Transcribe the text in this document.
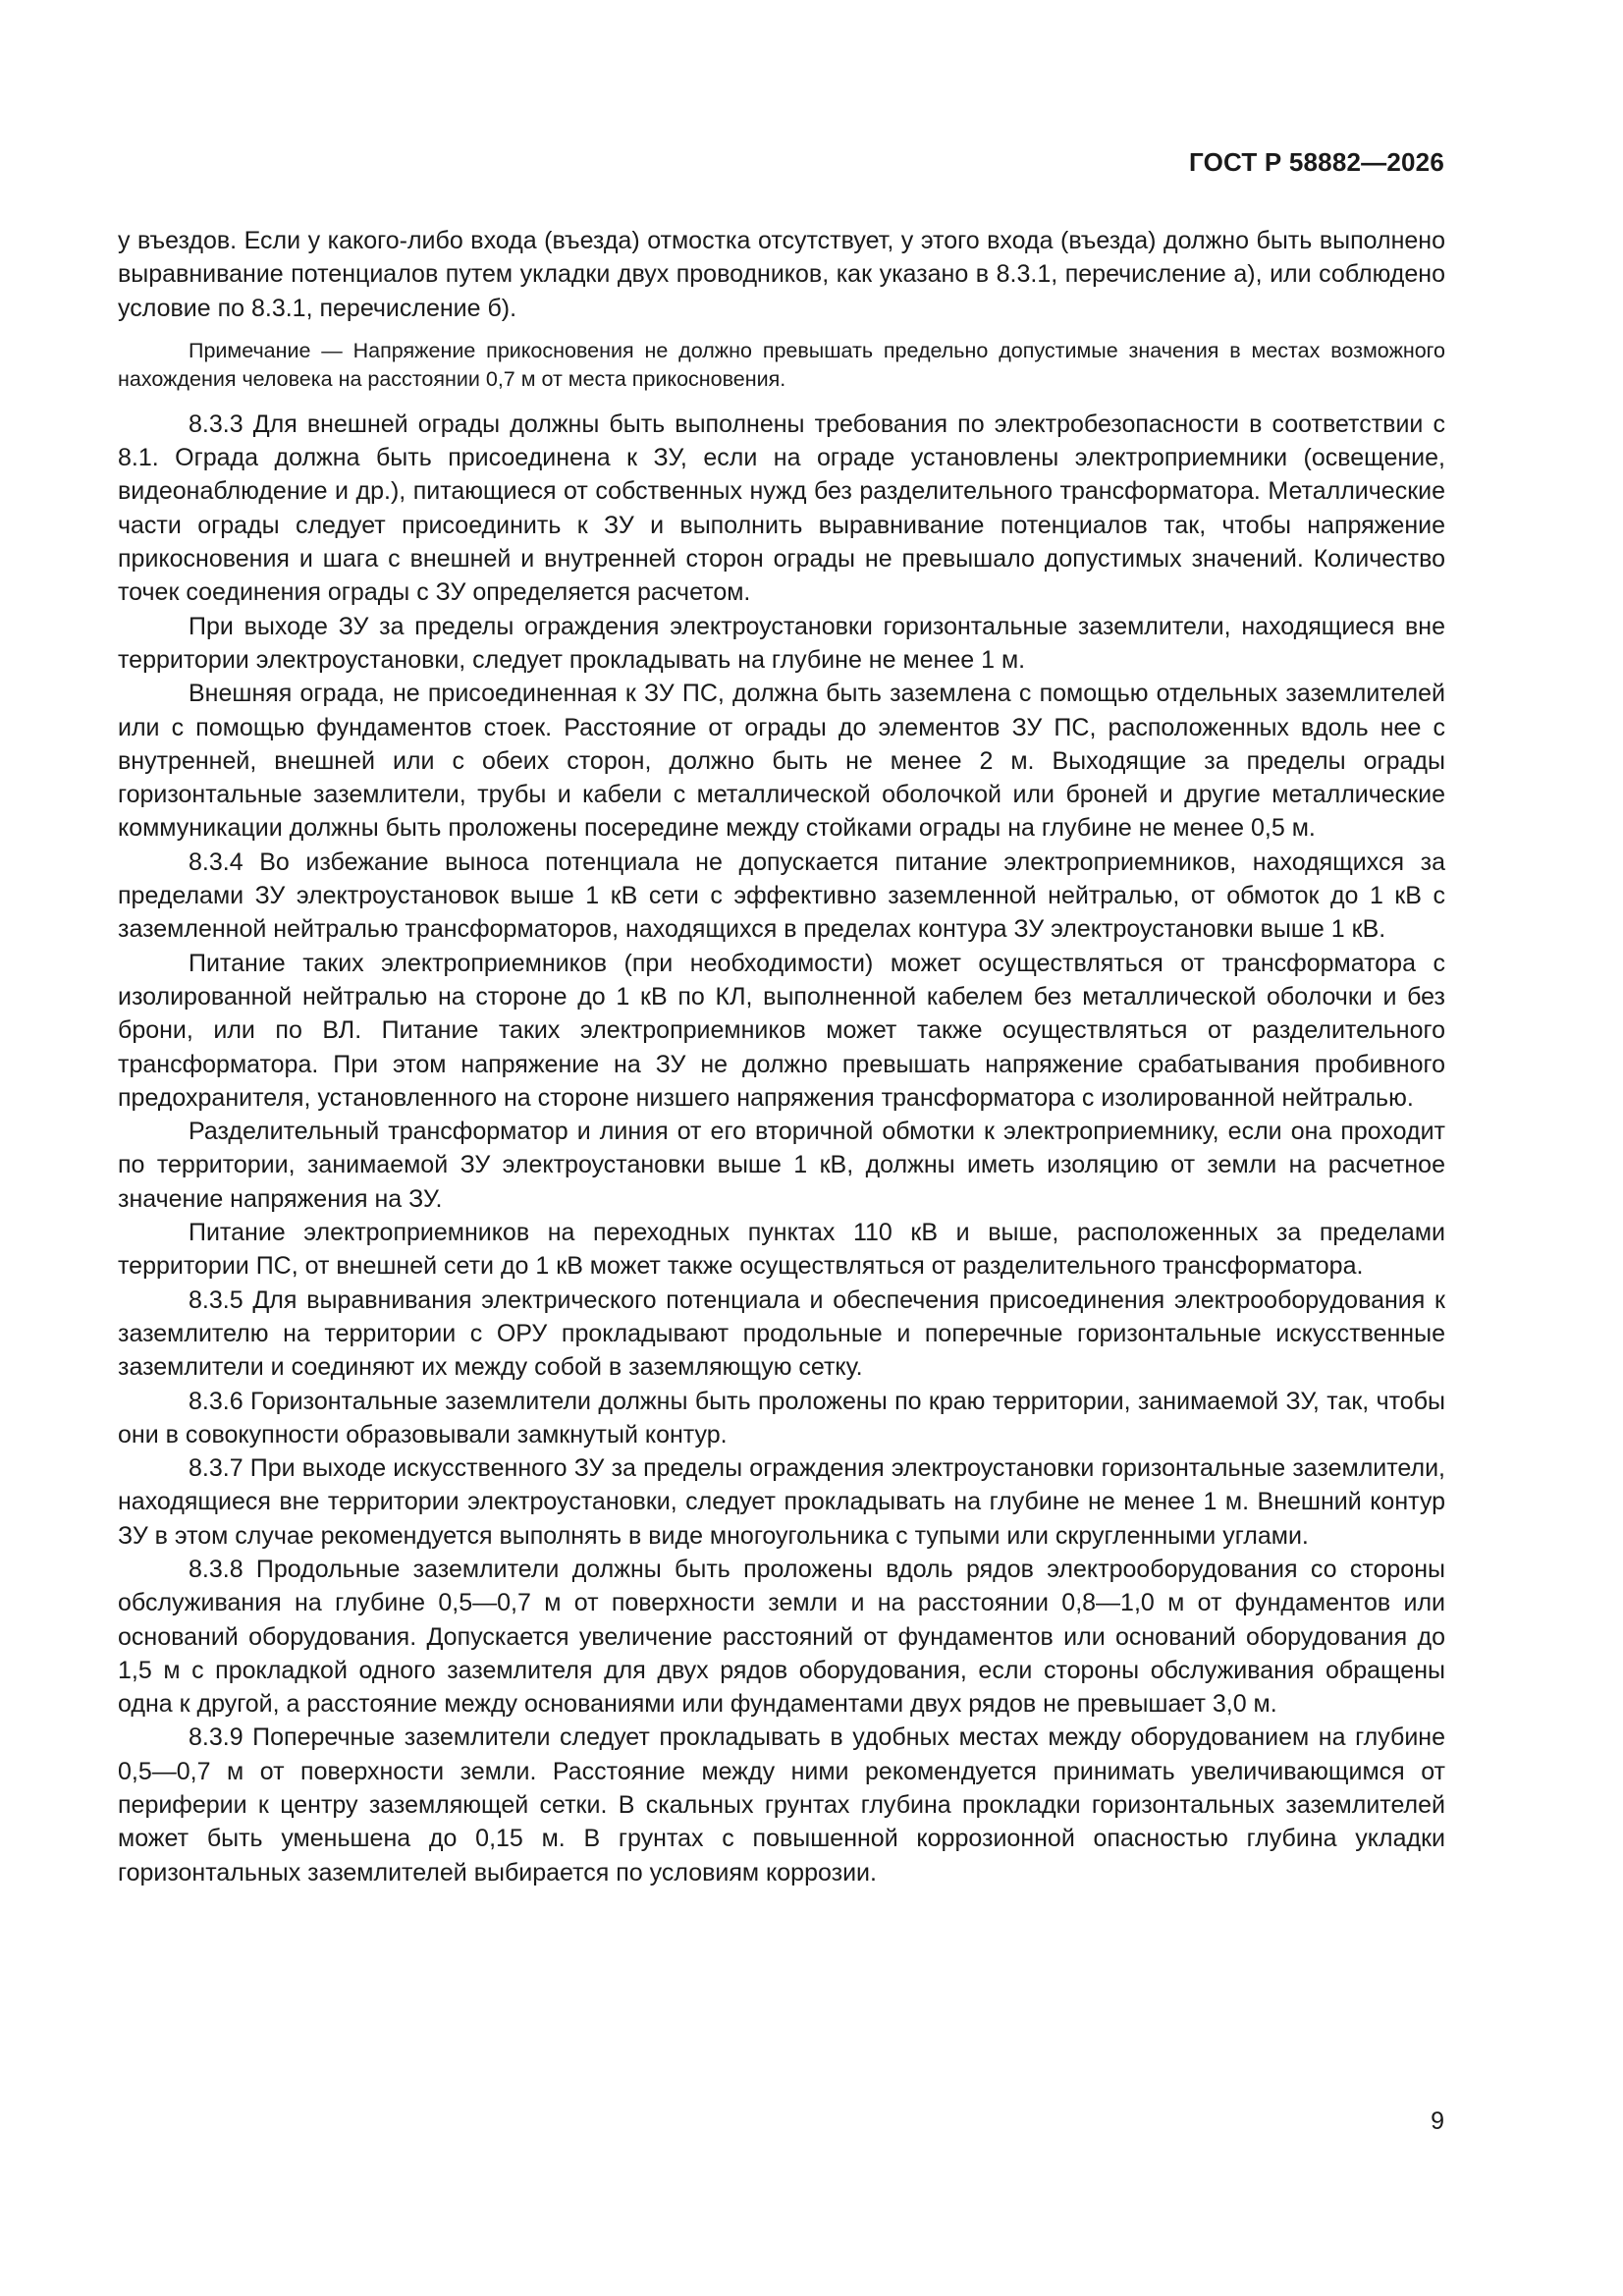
ГОСТ Р 58882—2026

у въездов. Если у какого-либо входа (въезда) отмостка отсутствует, у этого входа (въезда) должно быть выполнено выравнивание потенциалов путем укладки двух проводников, как указано в 8.3.1, перечисление а), или соблюдено условие по 8.3.1, перечисление б).

Примечание — Напряжение прикосновения не должно превышать предельно допустимые значения в местах возможного нахождения человека на расстоянии 0,7 м от места прикосновения.

8.3.3 Для внешней ограды должны быть выполнены требования по электробезопасности в соответствии с 8.1. Ограда должна быть присоединена к ЗУ, если на ограде установлены электроприемники (освещение, видеонаблюдение и др.), питающиеся от собственных нужд без разделительного трансформатора. Металлические части ограды следует присоединить к ЗУ и выполнить выравнивание потенциалов так, чтобы напряжение прикосновения и шага с внешней и внутренней сторон ограды не превышало допустимых значений. Количество точек соединения ограды с ЗУ определяется расчетом.

При выходе ЗУ за пределы ограждения электроустановки горизонтальные заземлители, находящиеся вне территории электроустановки, следует прокладывать на глубине не менее 1 м.

Внешняя ограда, не присоединенная к ЗУ ПС, должна быть заземлена с помощью отдельных заземлителей или с помощью фундаментов стоек. Расстояние от ограды до элементов ЗУ ПС, расположенных вдоль нее с внутренней, внешней или с обеих сторон, должно быть не менее 2 м. Выходящие за пределы ограды горизонтальные заземлители, трубы и кабели с металлической оболочкой или броней и другие металлические коммуникации должны быть проложены посередине между стойками ограды на глубине не менее 0,5 м.

8.3.4 Во избежание выноса потенциала не допускается питание электроприемников, находящихся за пределами ЗУ электроустановок выше 1 кВ сети с эффективно заземленной нейтралью, от обмоток до 1 кВ с заземленной нейтралью трансформаторов, находящихся в пределах контура ЗУ электроустановки выше 1 кВ.

Питание таких электроприемников (при необходимости) может осуществляться от трансформатора с изолированной нейтралью на стороне до 1 кВ по КЛ, выполненной кабелем без металлической оболочки и без брони, или по ВЛ. Питание таких электроприемников может также осуществляться от разделительного трансформатора. При этом напряжение на ЗУ не должно превышать напряжение срабатывания пробивного предохранителя, установленного на стороне низшего напряжения трансформатора с изолированной нейтралью.

Разделительный трансформатор и линия от его вторичной обмотки к электроприемнику, если она проходит по территории, занимаемой ЗУ электроустановки выше 1 кВ, должны иметь изоляцию от земли на расчетное значение напряжения на ЗУ.

Питание электроприемников на переходных пунктах 110 кВ и выше, расположенных за пределами территории ПС, от внешней сети до 1 кВ может также осуществляться от разделительного трансформатора.

8.3.5 Для выравнивания электрического потенциала и обеспечения присоединения электрооборудования к заземлителю на территории с ОРУ прокладывают продольные и поперечные горизонтальные искусственные заземлители и соединяют их между собой в заземляющую сетку.

8.3.6 Горизонтальные заземлители должны быть проложены по краю территории, занимаемой ЗУ, так, чтобы они в совокупности образовывали замкнутый контур.

8.3.7 При выходе искусственного ЗУ за пределы ограждения электроустановки горизонтальные заземлители, находящиеся вне территории электроустановки, следует прокладывать на глубине не менее 1 м. Внешний контур ЗУ в этом случае рекомендуется выполнять в виде многоугольника с тупыми или скругленными углами.

8.3.8 Продольные заземлители должны быть проложены вдоль рядов электрооборудования со стороны обслуживания на глубине 0,5—0,7 м от поверхности земли и на расстоянии 0,8—1,0 м от фундаментов или оснований оборудования. Допускается увеличение расстояний от фундаментов или оснований оборудования до 1,5 м с прокладкой одного заземлителя для двух рядов оборудования, если стороны обслуживания обращены одна к другой, а расстояние между основаниями или фундаментами двух рядов не превышает 3,0 м.

8.3.9 Поперечные заземлители следует прокладывать в удобных местах между оборудованием на глубине 0,5—0,7 м от поверхности земли. Расстояние между ними рекомендуется принимать увеличивающимся от периферии к центру заземляющей сетки. В скальных грунтах глубина прокладки горизонтальных заземлителей может быть уменьшена до 0,15 м. В грунтах с повышенной коррозионной опасностью глубина укладки горизонтальных заземлителей выбирается по условиям коррозии.

9
